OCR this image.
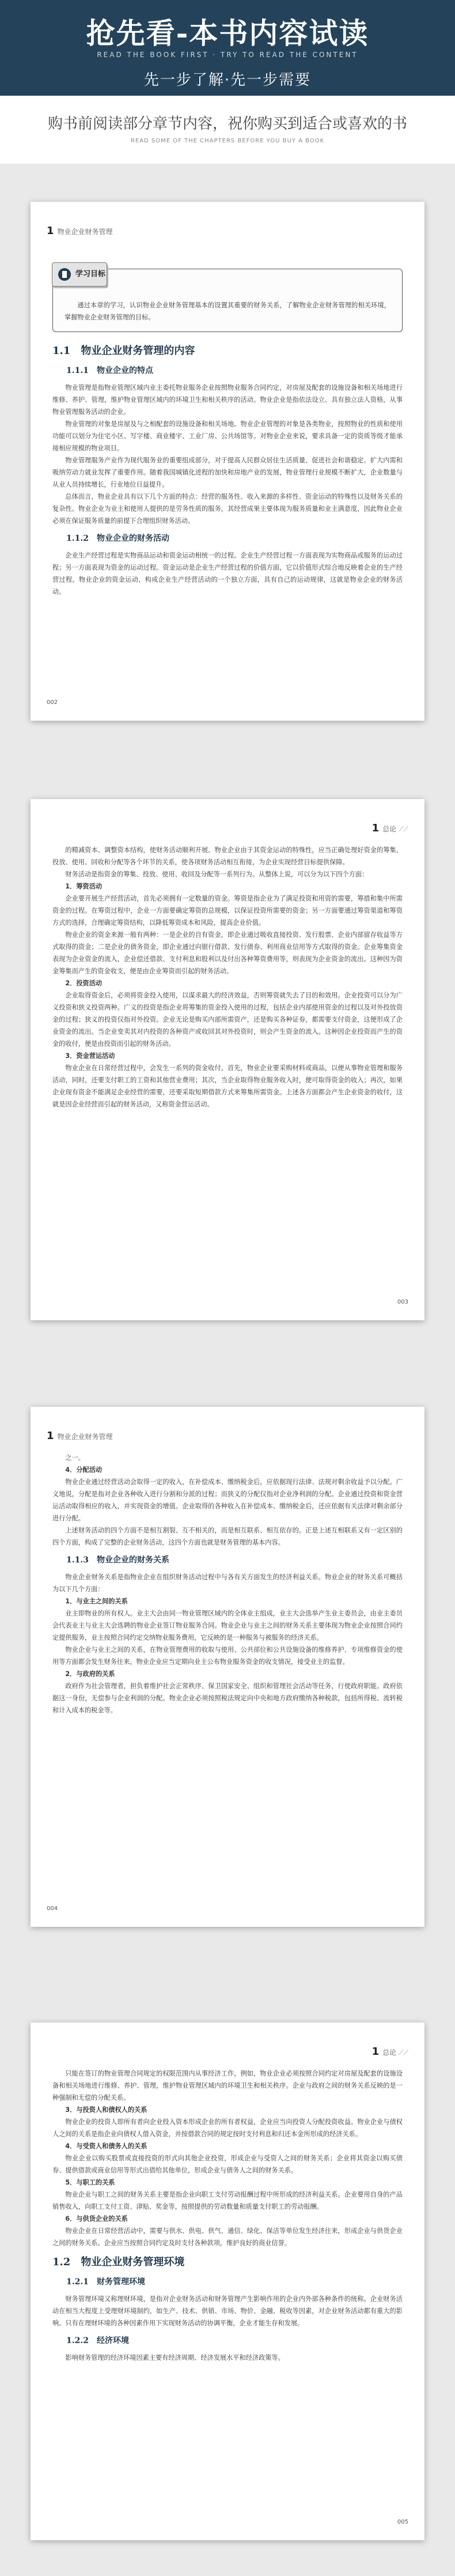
抢先看-本书内容试读
READ THE BOOK FIRST · TRY TO READ THE CONTENT
先一步了解·先一步需要
购书前阅读部分章节内容，祝你购买到适合或喜欢的书
READ SOME OF THE CHAPTERS BEFORE YOU BUY A BOOK
1 物业企业财务管理
学习目标

通过本章的学习，认识物业企业财务管理基本的设置其重要的财务关系，了解物业企业财务管理的相关环境，掌握物业企业财务管理的目标。

1.1　物业企业财务管理的内容
1.1.1　物业企业的特点

物业管理是指物业管理区域内业主委托物业服务企业按照物业服务合同约定，对房屋及配套的设施设备和相关场地进行维修、养护、管理，维护物业管理区域内的环境卫生和相关秩序的活动。物业企业是指依法设立、具有独立法人资格，从事物业管理服务活动的企业。

物业管理的对象是房屋及与之相配套的设施设备和相关场地。物业企业管理的对象是各类物业，按照物业的性质和使用功能可以划分为住宅小区、写字楼、商业楼宇、工业厂房、公共场馆等。对物业企业来说，要求具备一定的资质等级才能承接相应规模的物业项目。

物业管理服务产业作为现代服务业的重要组成部分，对于提高人民群众居住生活质量、促进社会和谐稳定、扩大内需和吸纳劳动力就业发挥了重要作用。随着我国城镇化进程的加快和房地产业的发展，物业管理行业规模不断扩大，企业数量与从业人员持续增长，行业地位日益提升。

总体而言，物业企业具有以下几个方面的特点：经营的服务性、收入来源的多样性、资金运动的特殊性以及财务关系的复杂性。物业企业为业主和使用人提供的是劳务性质的服务，其经营成果主要体现为服务质量和业主满意度，因此物业企业必须在保证服务质量的前提下合理组织财务活动。

1.1.2　物业企业的财务活动

企业生产经营过程是实物商品运动和资金运动相统一的过程。企业生产经营过程一方面表现为实物商品或服务的运动过程；另一方面表现为资金的运动过程。资金运动是企业生产经营过程的价值方面，它以价值形式综合地反映着企业的生产经营过程。物业企业的资金运动，构成企业生产经营活动的一个独立方面，具有自己的运动规律，这就是物业企业的财务活动。

002
1 总论 ⟋⟋

的精减资本、调整资本结构，使财务活动顺利开展。物业企业由于其资金运动的特殊性，应当正确处理好资金的筹集、投放、使用、回收和分配等各个环节的关系，使各项财务活动相互衔接，为企业实现经营目标提供保障。

财务活动是指资金的筹集、投放、使用、收回及分配等一系列行为。从整体上说，可以分为以下四个方面：

1．筹资活动

企业要开展生产经营活动，首先必须拥有一定数量的资金。筹资是指企业为了满足投资和用资的需要，筹措和集中所需资金的过程。在筹资过程中，企业一方面要确定筹资的总规模，以保证投资所需要的资金；另一方面要通过筹资渠道和筹资方式的选择，合理确定筹资结构，以降低筹资成本和风险，提高企业价值。

物业企业的资金来源一般有两种：一是企业的自有资金，即企业通过吸收直接投资、发行股票、企业内部留存收益等方式取得的资金；二是企业的债务资金，即企业通过向银行借款、发行债券、利用商业信用等方式取得的资金。企业筹集资金表现为企业资金的流入，企业偿还借款、支付利息和股利以及付出各种筹资费用等，则表现为企业资金的流出。这种因为资金筹集而产生的资金收支，便是由企业筹资而引起的财务活动。

2．投资活动

企业取得资金后，必须将资金投入使用，以谋求最大的经济效益，否则筹资就失去了目的和效用。企业投资可以分为广义投资和狭义投资两种。广义的投资是指企业将筹集的资金投入使用的过程，包括企业内部使用资金的过程以及对外投放资金的过程；狭义的投资仅指对外投资。企业无论是购买内部所需资产，还是购买各种证券，都需要支付资金，这便形成了企业资金的流出。当企业变卖其对内投资的各种资产或收回其对外投资时，则会产生资金的流入。这种因企业投资而产生的资金的收付，便是由投资而引起的财务活动。

3．资金营运活动

物业企业在日常经营过程中，会发生一系列的资金收付。首先，物业企业要采购材料或商品，以便从事物业管理和服务活动，同时，还要支付职工的工资和其他营业费用；其次，当企业取得物业服务收入时，便可取得资金的收入；再次，如果企业现有资金不能满足企业经营的需要，还要采取短期借款方式来筹集所需资金。上述各方面都会产生企业资金的收付，这就是因企业经营而引起的财务活动，又称资金营运活动。

003
1 物业企业财务管理

之一。

4．分配活动

物业企业通过经营活动会取得一定的收入，在补偿成本、缴纳税金后，应依据现行法律、法规对剩余收益予以分配。广义地说，分配是指对企业各种收入进行分割和分派的过程；而狭义的分配仅指对企业净利润的分配。企业通过投资和资金营运活动取得相应的收入，并实现资金的增值。企业取得的各种收入在补偿成本、缴纳税金后，还应依据有关法律对剩余部分进行分配。

上述财务活动的四个方面不是相互割裂、互不相关的，而是相互联系、相互依存的。正是上述互相联系又有一定区别的四个方面，构成了完整的企业财务活动，这四个方面也就是财务管理的基本内容。

1.1.3　物业企业的财务关系

物业企业财务关系是指物业企业在组织财务活动过程中与各有关方面发生的经济利益关系。物业企业的财务关系可概括为以下几个方面：

1．与业主之间的关系

业主即物业的所有权人。业主大会由同一物业管理区域内的全体业主组成，业主大会选举产生业主委员会，由业主委员会代表业主与业主大会选聘的物业企业签订物业服务合同。物业企业与业主之间的财务关系主要体现为物业企业按照合同约定提供服务，业主按照合同约定交纳物业服务费用，它反映的是一种服务与被服务的经济关系。

物业企业与业主之间的关系，在物业管理费用的收取与使用、公共部位和公共设施设备的维修养护、专项维修资金的使用等方面都会发生财务往来。物业企业应当定期向业主公布物业服务资金的收支情况，接受业主的监督。

2．与政府的关系

政府作为社会管理者，担负着维护社会正常秩序、保卫国家安全、组织和管理社会活动等任务，行使政府职能。政府依据这一身份，无偿参与企业利润的分配。物业企业必须按照税法规定向中央和地方政府缴纳各种税款，包括所得税、流转税和计入成本的税金等。

004
1 总论 ⟋⟋

只能在签订的物业管理合同规定的权限范围内从事经济工作，例如，物业企业必须按照合同约定对房屋及配套的设施设备和相关场地进行维修、养护、管理，维护物业管理区域内的环境卫生和相关秩序。企业与政府之间的财务关系反映的是一种强制和无偿的分配关系。

3．与投资人和债权人的关系

物业企业的投资人即所有者向企业投入资本形成企业的所有者权益，企业应当向投资人分配投资收益。物业企业与债权人之间的关系是指企业向债权人借入资金，并按借款合同的规定按时支付利息和归还本金所形成的经济关系。

4．与受资人和债务人的关系

物业企业以购买股票或直接投资的形式向其他企业投资，形成企业与受资人之间的财务关系；企业将其资金以购买债券、提供借款或商业信用等形式出借给其他单位，形成企业与债务人之间的财务关系。

5．与职工的关系

物业企业与职工之间的财务关系主要是指企业向职工支付劳动报酬过程中所形成的经济利益关系。企业要用自身的产品销售收入，向职工支付工资、津贴、奖金等，按照提供的劳动数量和质量支付职工的劳动报酬。

6．与供货企业的关系

物业企业在日常经营活动中，需要与供水、供电、供气、通信、绿化、保洁等单位发生经济往来，形成企业与供货企业之间的财务关系。企业应当按照合同约定及时支付各种款项，维护良好的商业信誉。

1.2　物业企业财务管理环境
1.2.1　财务管理环境

财务管理环境又称理财环境，是指对企业财务活动和财务管理产生影响作用的企业内外部各种条件的统称。企业财务活动在相当大程度上受理财环境制约，如生产、技术、供销、市场、物价、金融、税收等因素，对企业财务活动都有重大的影响。只有在理财环境的各种因素作用下实现财务活动的协调平衡，企业才能生存和发展。

1.2.2　经济环境

影响财务管理的经济环境因素主要有经济周期、经济发展水平和经济政策等。

005
